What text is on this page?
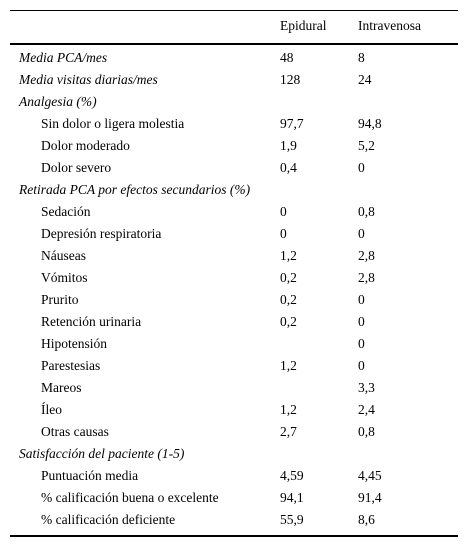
	Epidural	Intravenosa
Media PCA/mes	48	8
Media visitas diarias/mes	128	24
Analgesia (%)		
Sin dolor o ligera molestia	97,7	94,8
Dolor moderado	1,9	5,2
Dolor severo	0,4	0
Retirada PCA por efectos secundarios (%)		
Sedación	0	0,8
Depresión respiratoria	0	0
Náuseas	1,2	2,8
Vómitos	0,2	2,8
Prurito	0,2	0
Retención urinaria	0,2	0
Hipotensión		0
Parestesias	1,2	0
Mareos		3,3
Íleo	1,2	2,4
Otras causas	2,7	0,8
Satisfacción del paciente (1-5)		
Puntuación media	4,59	4,45
% calificación buena o excelente	94,1	91,4
% calificación deficiente	55,9	8,6
